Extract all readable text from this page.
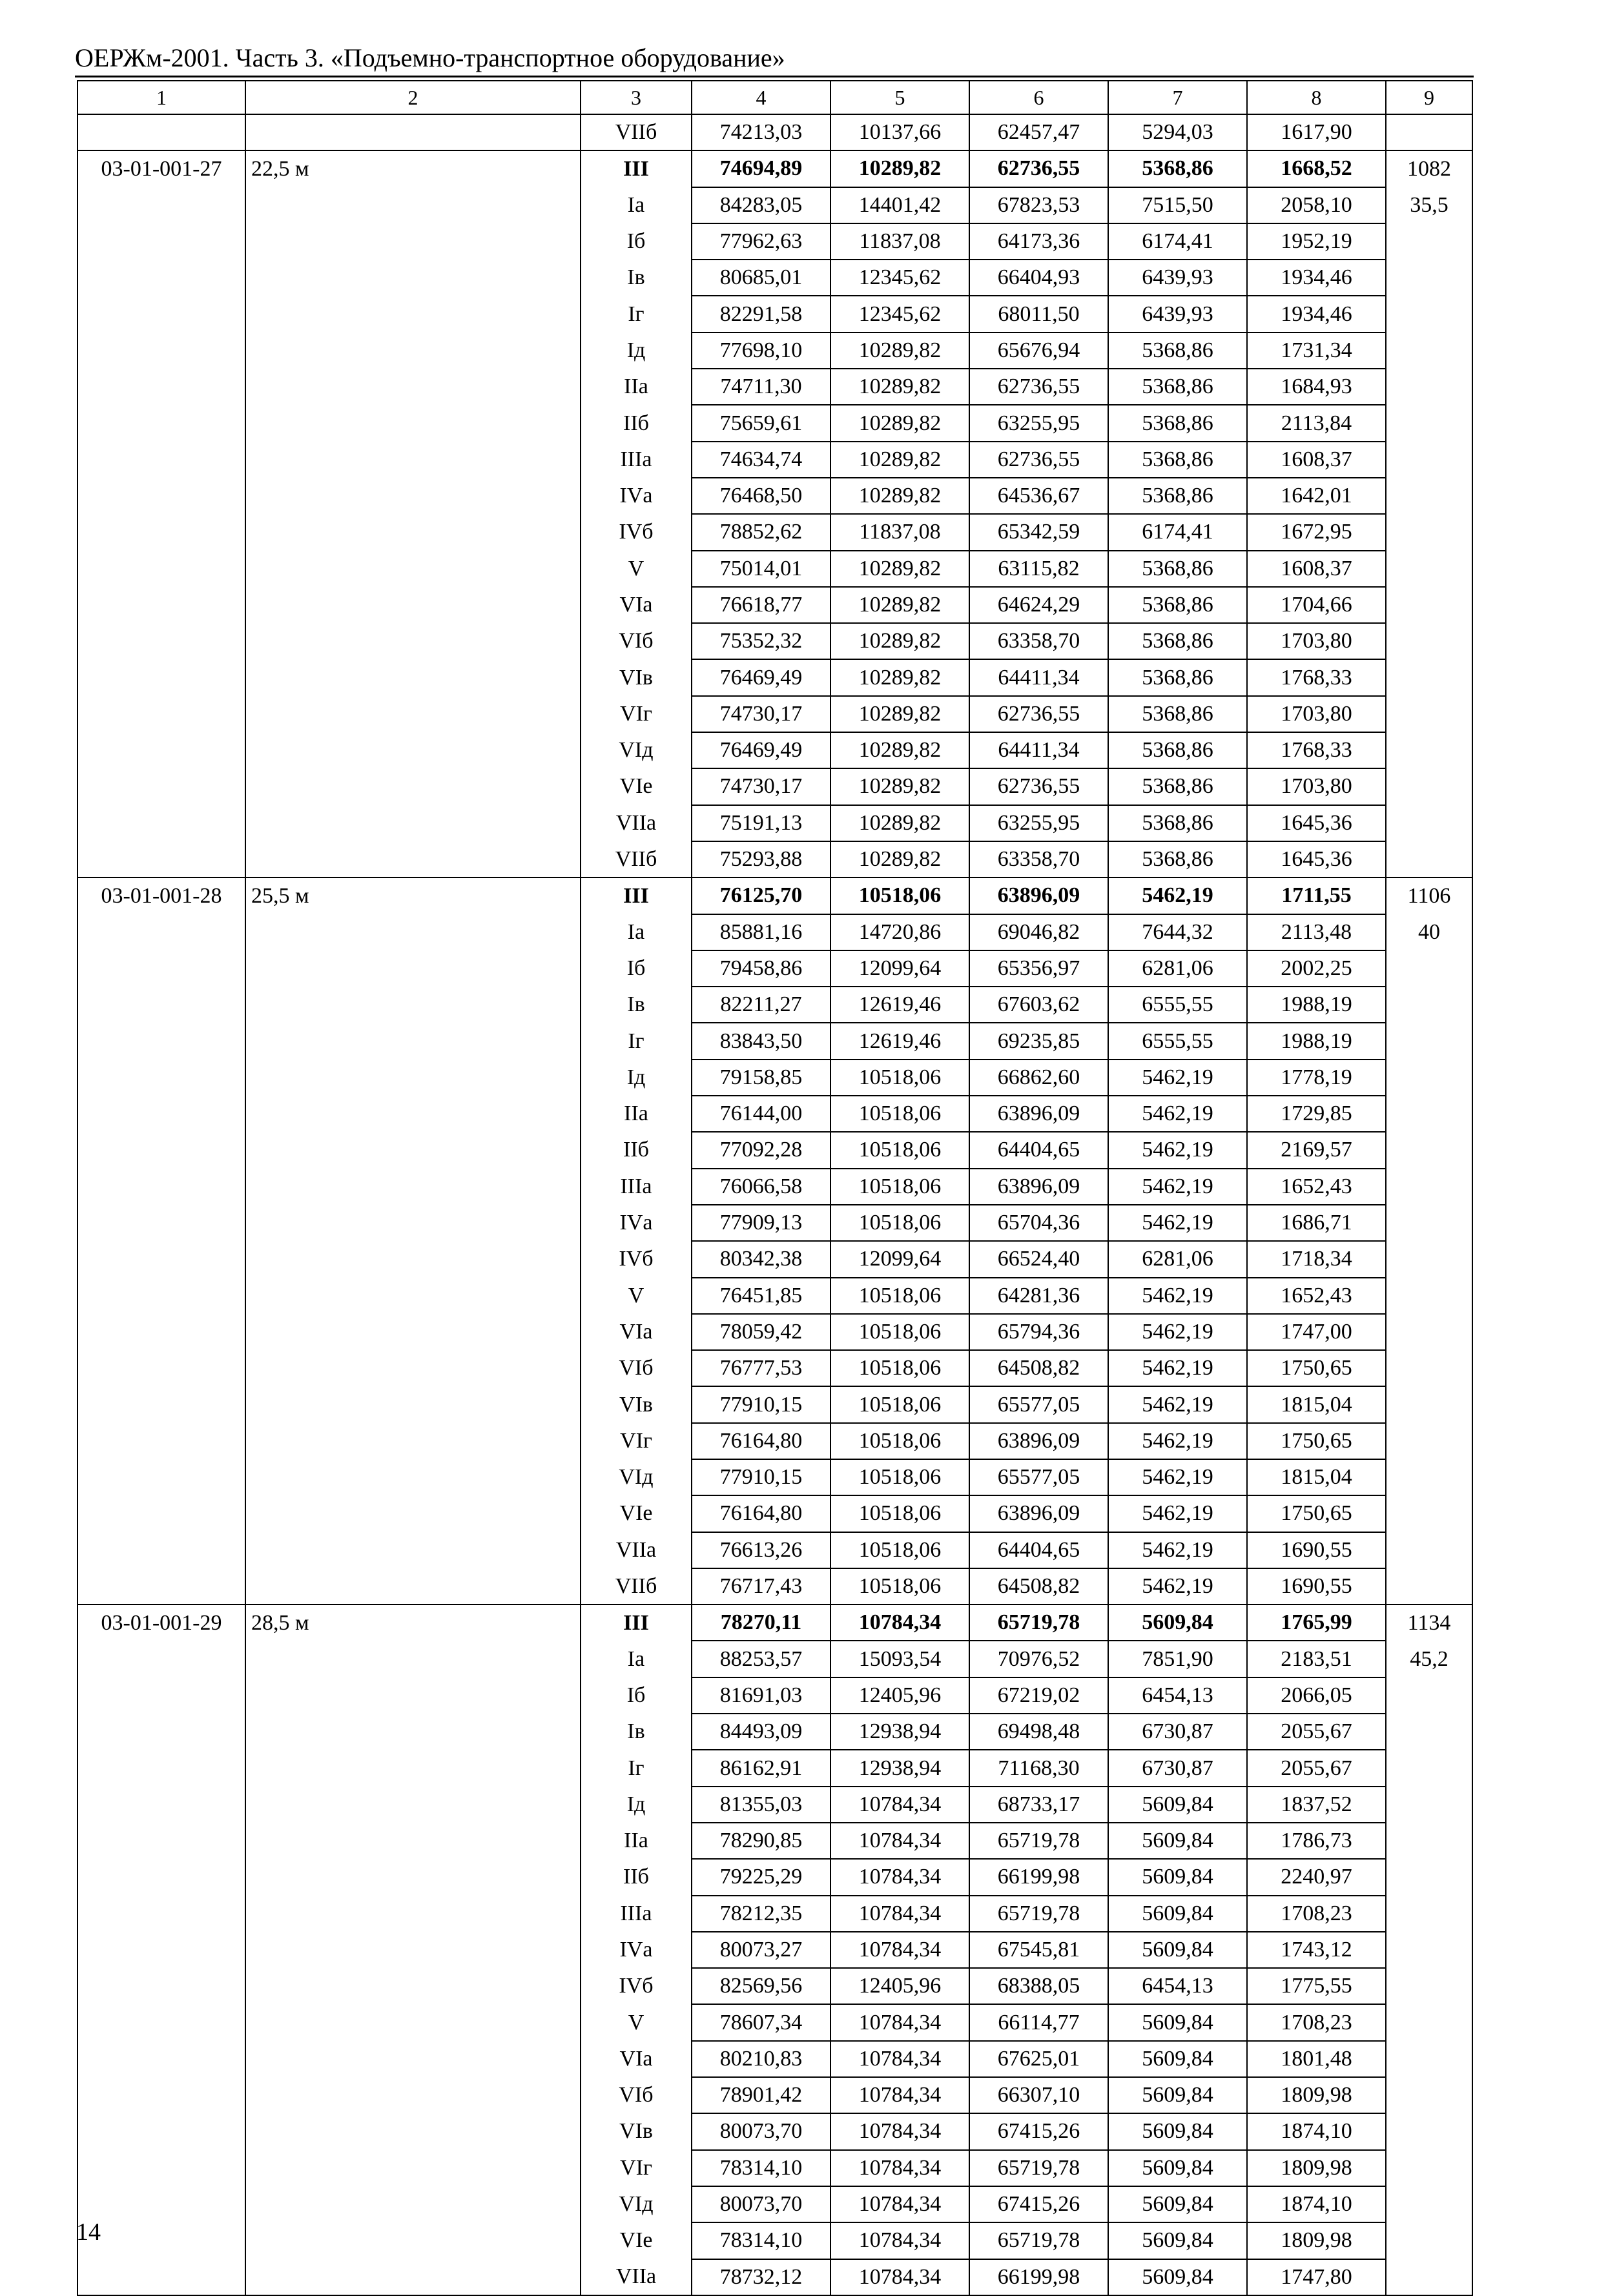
ОЕРЖм-2001. Часть 3. «Подъемно-транспортное оборудование»
1	2	3	4	5	6	7	8	9
		VIIб	74213,03	10137,66	62457,47	5294,03	1617,90	
03-01-001-27	22,5 м	III	74694,89	10289,82	62736,55	5368,86	1668,52	1082
		Iа	84283,05	14401,42	67823,53	7515,50	2058,10	35,5
		Iб	77962,63	11837,08	64173,36	6174,41	1952,19	
		Iв	80685,01	12345,62	66404,93	6439,93	1934,46	
		Iг	82291,58	12345,62	68011,50	6439,93	1934,46	
		Iд	77698,10	10289,82	65676,94	5368,86	1731,34	
		IIа	74711,30	10289,82	62736,55	5368,86	1684,93	
		IIб	75659,61	10289,82	63255,95	5368,86	2113,84	
		IIIа	74634,74	10289,82	62736,55	5368,86	1608,37	
		IVа	76468,50	10289,82	64536,67	5368,86	1642,01	
		IVб	78852,62	11837,08	65342,59	6174,41	1672,95	
		V	75014,01	10289,82	63115,82	5368,86	1608,37	
		VIа	76618,77	10289,82	64624,29	5368,86	1704,66	
		VIб	75352,32	10289,82	63358,70	5368,86	1703,80	
		VIв	76469,49	10289,82	64411,34	5368,86	1768,33	
		VIг	74730,17	10289,82	62736,55	5368,86	1703,80	
		VIд	76469,49	10289,82	64411,34	5368,86	1768,33	
		VIе	74730,17	10289,82	62736,55	5368,86	1703,80	
		VIIа	75191,13	10289,82	63255,95	5368,86	1645,36	
		VIIб	75293,88	10289,82	63358,70	5368,86	1645,36	
03-01-001-28	25,5 м	III	76125,70	10518,06	63896,09	5462,19	1711,55	1106
		Iа	85881,16	14720,86	69046,82	7644,32	2113,48	40
		Iб	79458,86	12099,64	65356,97	6281,06	2002,25	
		Iв	82211,27	12619,46	67603,62	6555,55	1988,19	
		Iг	83843,50	12619,46	69235,85	6555,55	1988,19	
		Iд	79158,85	10518,06	66862,60	5462,19	1778,19	
		IIа	76144,00	10518,06	63896,09	5462,19	1729,85	
		IIб	77092,28	10518,06	64404,65	5462,19	2169,57	
		IIIа	76066,58	10518,06	63896,09	5462,19	1652,43	
		IVа	77909,13	10518,06	65704,36	5462,19	1686,71	
		IVб	80342,38	12099,64	66524,40	6281,06	1718,34	
		V	76451,85	10518,06	64281,36	5462,19	1652,43	
		VIа	78059,42	10518,06	65794,36	5462,19	1747,00	
		VIб	76777,53	10518,06	64508,82	5462,19	1750,65	
		VIв	77910,15	10518,06	65577,05	5462,19	1815,04	
		VIг	76164,80	10518,06	63896,09	5462,19	1750,65	
		VIд	77910,15	10518,06	65577,05	5462,19	1815,04	
		VIе	76164,80	10518,06	63896,09	5462,19	1750,65	
		VIIа	76613,26	10518,06	64404,65	5462,19	1690,55	
		VIIб	76717,43	10518,06	64508,82	5462,19	1690,55	
03-01-001-29	28,5 м	III	78270,11	10784,34	65719,78	5609,84	1765,99	1134
		Iа	88253,57	15093,54	70976,52	7851,90	2183,51	45,2
		Iб	81691,03	12405,96	67219,02	6454,13	2066,05	
		Iв	84493,09	12938,94	69498,48	6730,87	2055,67	
		Iг	86162,91	12938,94	71168,30	6730,87	2055,67	
		Iд	81355,03	10784,34	68733,17	5609,84	1837,52	
		IIа	78290,85	10784,34	65719,78	5609,84	1786,73	
		IIб	79225,29	10784,34	66199,98	5609,84	2240,97	
		IIIа	78212,35	10784,34	65719,78	5609,84	1708,23	
		IVа	80073,27	10784,34	67545,81	5609,84	1743,12	
		IVб	82569,56	12405,96	68388,05	6454,13	1775,55	
		V	78607,34	10784,34	66114,77	5609,84	1708,23	
		VIа	80210,83	10784,34	67625,01	5609,84	1801,48	
		VIб	78901,42	10784,34	66307,10	5609,84	1809,98	
		VIв	80073,70	10784,34	67415,26	5609,84	1874,10	
		VIг	78314,10	10784,34	65719,78	5609,84	1809,98	
		VIд	80073,70	10784,34	67415,26	5609,84	1874,10	
		VIе	78314,10	10784,34	65719,78	5609,84	1809,98	
		VIIа	78732,12	10784,34	66199,98	5609,84	1747,80	
14
